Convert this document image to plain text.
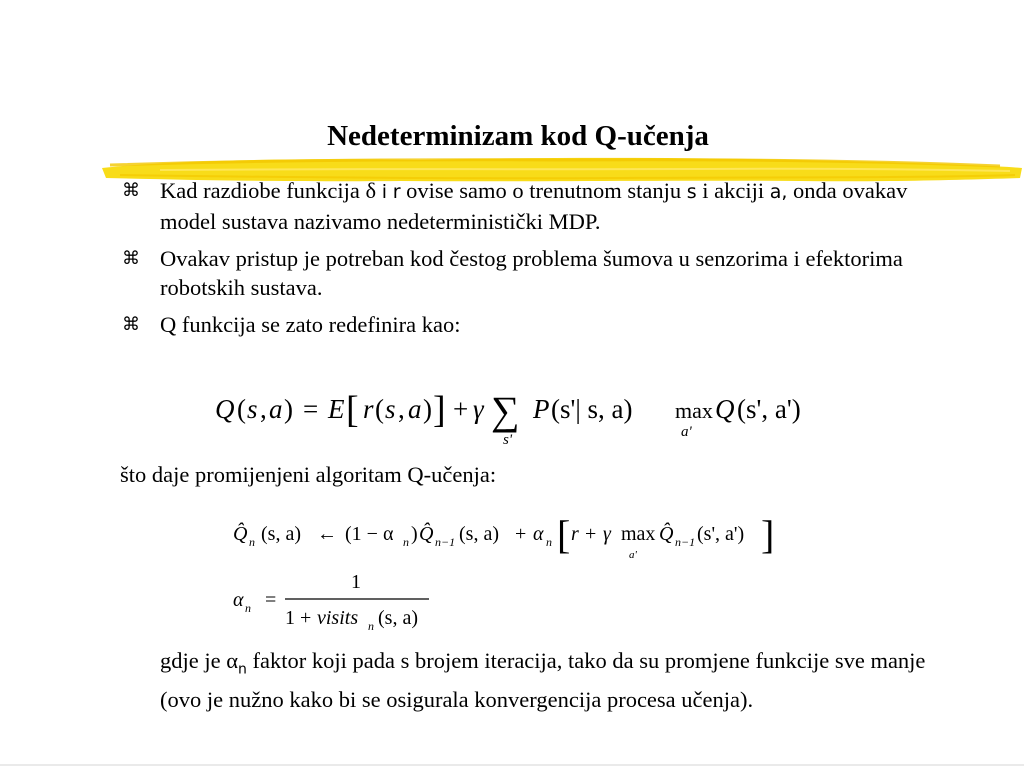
Nedeterminizam kod Q-učenja
⌘ Kad razdiobe funkcija δ i r ovise samo o trenutnom stanju s i akciji a, onda ovakav model sustava nazivamo nedeterministički MDP.
⌘ Ovakav pristup je potreban kod čestog problema šumova u senzorima i efektorima robotskih sustava.
⌘ Q funkcija se zato redefinira kao:
Q ( s , a ) = E [ r ( s , a ) ] + γ ∑
s'
P (s'| s, a) max
a'
Q (s', a')
što daje promijenjeni algoritam Q-učenja:
Q̂ n (s, a) ← (1 − α n ) Q̂ n−1 (s, a) + α n [ r + γ max
a'
Q̂ n−1 (s', a') ]
α n =
1
1 + visits n (s, a)
gdje je $\alpha_n$ faktor koji pada s brojem iteracija, tako da su promjene funkcije sve manje (ovo je nužno kako bi se osigurala konvergencija procesa učenja).
